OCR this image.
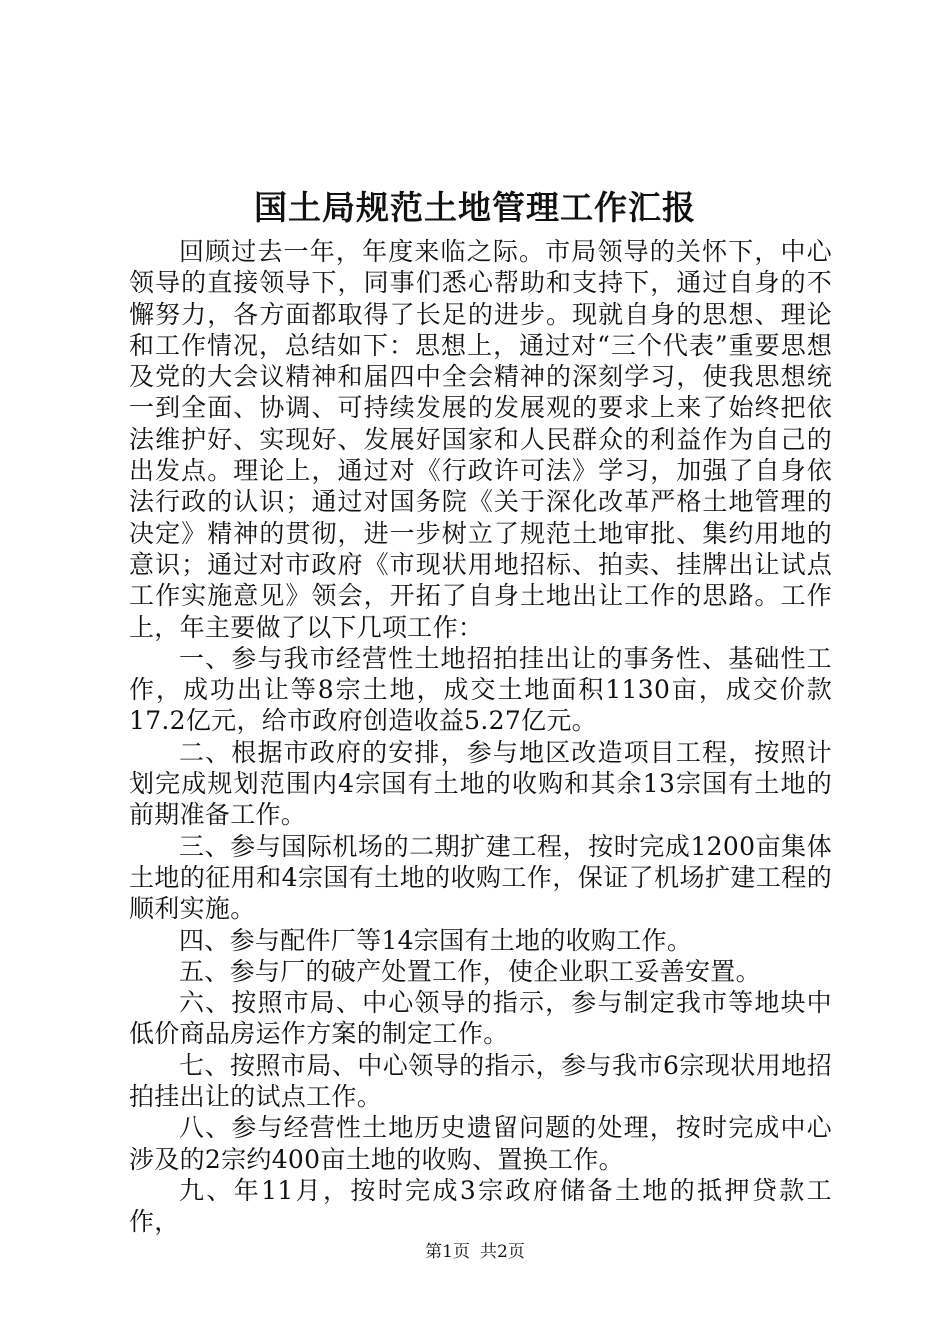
国土局规范土地管理工作汇报

回顾过去一年，年度来临之际。市局领导的关怀下，中心领导的直接领导下，同事们悉心帮助和支持下，通过自身的不懈努力，各方面都取得了长足的进步。现就自身的思想、理论和工作情况，总结如下：思想上，通过对“三个代表”重要思想及党的大会议精神和届四中全会精神的深刻学习，使我思想统一到全面、协调、可持续发展的发展观的要求上来了始终把依法维护好、实现好、发展好国家和人民群众的利益作为自己的出发点。理论上，通过对《行政许可法》学习，加强了自身依法行政的认识；通过对国务院《关于深化改革严格土地管理的决定》精神的贯彻，进一步树立了规范土地审批、集约用地的意识；通过对市政府《市现状用地招标、拍卖、挂牌出让试点工作实施意见》领会，开拓了自身土地出让工作的思路。工作上，年主要做了以下几项工作：

一、参与我市经营性土地招拍挂出让的事务性、基础性工作，成功出让等8宗土地，成交土地面积1130亩，成交价款17.2亿元，给市政府创造收益5.27亿元。

二、根据市政府的安排，参与地区改造项目工程，按照计划完成规划范围内4宗国有土地的收购和其余13宗国有土地的前期准备工作。

三、参与国际机场的二期扩建工程，按时完成1200亩集体土地的征用和4宗国有土地的收购工作，保证了机场扩建工程的顺利实施。

四、参与配件厂等14宗国有土地的收购工作。

五、参与厂的破产处置工作，使企业职工妥善安置。

六、按照市局、中心领导的指示，参与制定我市等地块中低价商品房运作方案的制定工作。

七、按照市局、中心领导的指示，参与我市6宗现状用地招拍挂出让的试点工作。

八、参与经营性土地历史遗留问题的处理，按时完成中心涉及的2宗约400亩土地的收购、置换工作。

九、年11月，按时完成3宗政府储备土地的抵押贷款工作，

第1页 共2页
